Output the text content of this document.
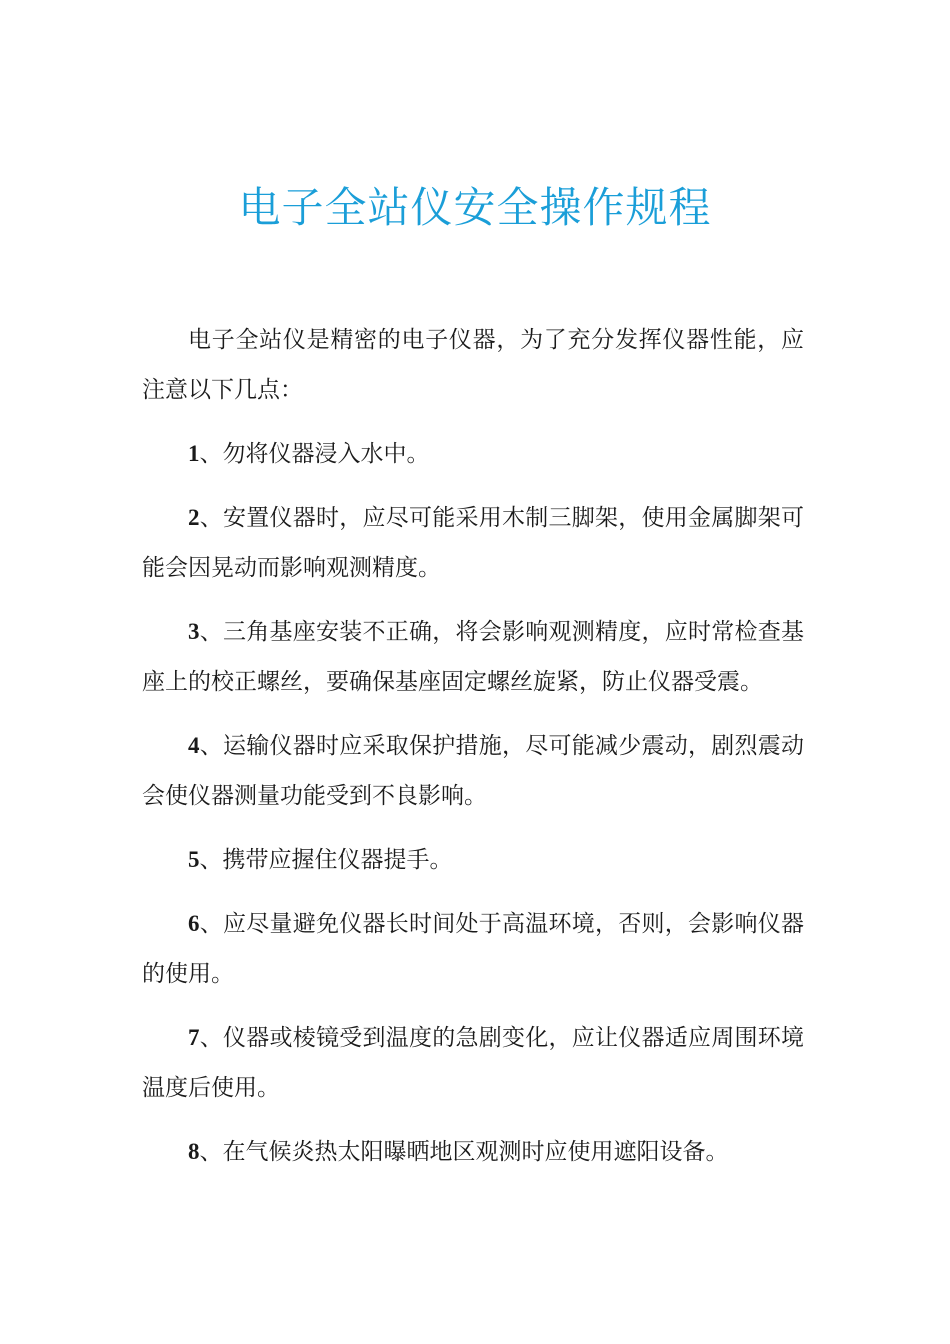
电子全站仪安全操作规程

电子全站仪是精密的电子仪器，为了充分发挥仪器性能，应注意以下几点：

1、勿将仪器浸入水中。

2、安置仪器时，应尽可能采用木制三脚架，使用金属脚架可能会因晃动而影响观测精度。

3、三角基座安装不正确，将会影响观测精度，应时常检查基座上的校正螺丝，要确保基座固定螺丝旋紧，防止仪器受震。

4、运输仪器时应采取保护措施，尽可能减少震动，剧烈震动会使仪器测量功能受到不良影响。

5、携带应握住仪器提手。

6、应尽量避免仪器长时间处于高温环境，否则，会影响仪器的使用。

7、仪器或棱镜受到温度的急剧变化，应让仪器适应周围环境温度后使用。

8、在气候炎热太阳曝晒地区观测时应使用遮阳设备。
